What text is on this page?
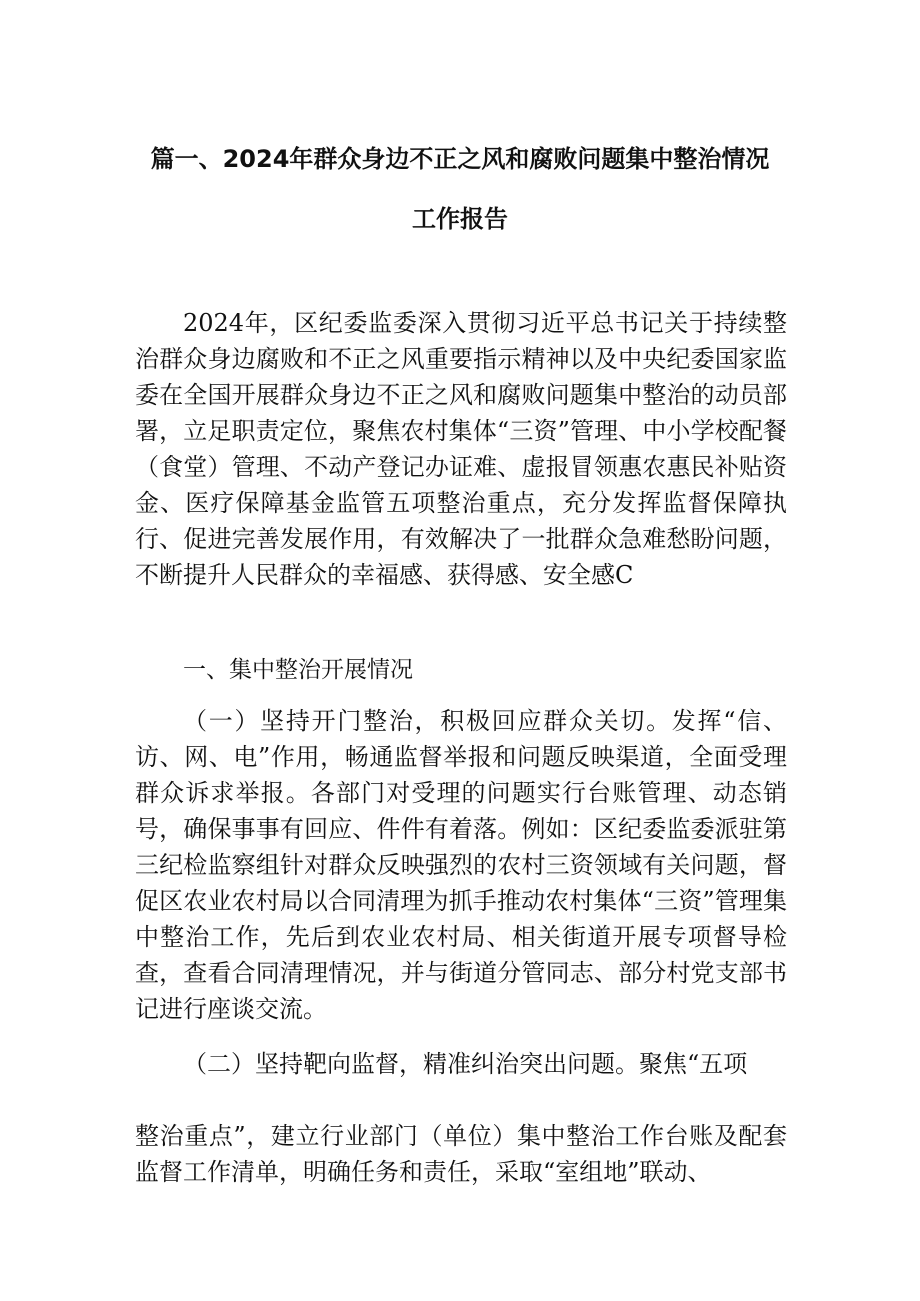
篇一、2024年群众身边不正之风和腐败问题集中整治情况
工作报告

2024年，区纪委监委深入贯彻习近平总书记关于持续整治群众身边腐败和不正之风重要指示精神以及中央纪委国家监委在全国开展群众身边不正之风和腐败问题集中整治的动员部署，立足职责定位，聚焦农村集体“三资”管理、中小学校配餐（食堂）管理、不动产登记办证难、虚报冒领惠农惠民补贴资金、医疗保障基金监管五项整治重点，充分发挥监督保障执行、促进完善发展作用，有效解决了一批群众急难愁盼问题，不断提升人民群众的幸福感、获得感、安全感C

一、集中整治开展情况

（一）坚持开门整治，积极回应群众关切。发挥“信、访、网、电”作用，畅通监督举报和问题反映渠道，全面受理群众诉求举报。各部门对受理的问题实行台账管理、动态销号，确保事事有回应、件件有着落。例如：区纪委监委派驻第三纪检监察组针对群众反映强烈的农村三资领域有关问题，督促区农业农村局以合同清理为抓手推动农村集体“三资”管理集中整治工作，先后到农业农村局、相关街道开展专项督导检查，查看合同清理情况，并与街道分管同志、部分村党支部书记进行座谈交流。

（二）坚持靶向监督，精准纠治突出问题。聚焦“五项

整治重点”，建立行业部门（单位）集中整治工作台账及配套监督工作清单，明确任务和责任，采取“室组地”联动、
